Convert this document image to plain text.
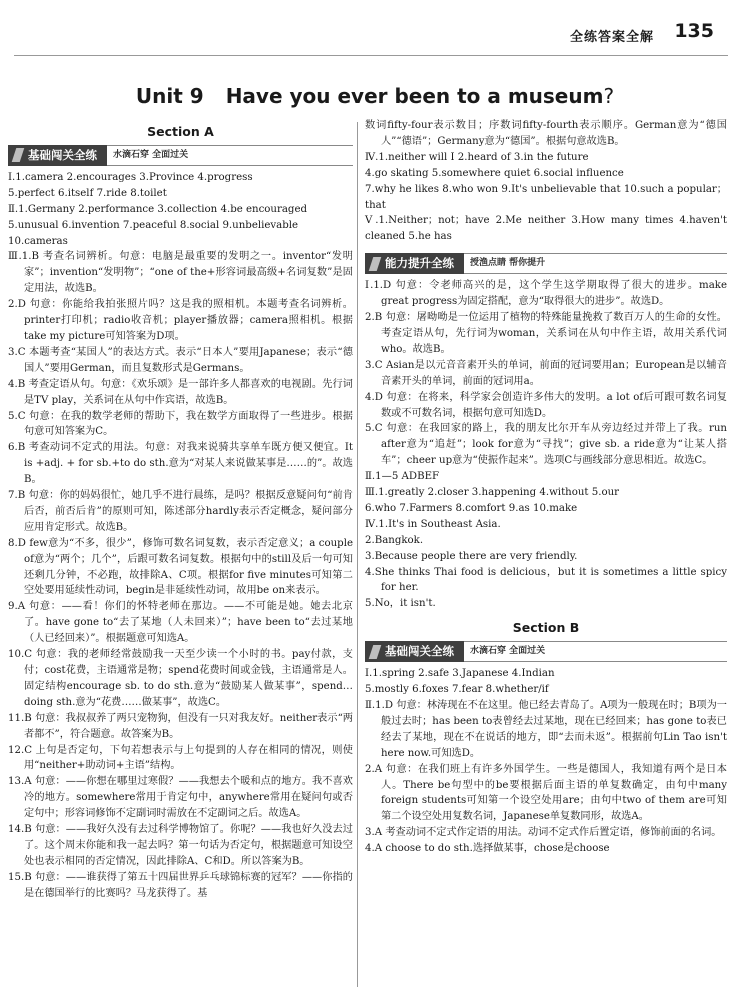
全练答案全解 135
Unit 9 Have you ever been to a museum?
Section A
基础闯关全练	水滴石穿 全面过关

Ⅰ.1.camera 2.encourages 3.Province 4.progress

5.perfect 6.itself 7.ride 8.toilet

Ⅱ.1.Germany 2.performance 3.collection 4.be encouraged

5.unusual 6.invention 7.peaceful 8.social 9.unbelievable

10.cameras

Ⅲ.1.B 考查名词辨析。句意：电脑是最重要的发明之一。inventor“发明家”；invention“发明物”；“one of the+形容词最高级+名词复数”是固定用法，故选B。

2.D 句意：你能给我拍张照片吗？这是我的照相机。本题考查名词辨析。printer打印机；radio收音机；player播放器；camera照相机。根据take my picture可知答案为D项。

3.C 本题考查“某国人”的表达方式。表示“日本人”要用Japanese；表示“德国人”要用German，而且复数形式是Germans。

4.B 考查定语从句。句意：《欢乐颂》是一部许多人都喜欢的电视剧。先行词是TV play，关系词在从句中作宾语，故选B。

5.C 句意：在我的数学老师的帮助下，我在数学方面取得了一些进步。根据句意可知答案为C。

6.B 考查动词不定式的用法。句意：对我来说骑共享单车既方便又便宜。It is +adj. + for sb.+to do sth.意为“对某人来说做某事是……的”。故选B。

7.B 句意：你的妈妈很忙，她几乎不进行晨练，是吗？根据反意疑问句“前肯后否，前否后肯”的原则可知，陈述部分hardly表示否定概念，疑问部分应用肯定形式。故选B。

8.D few意为“不多，很少”，修饰可数名词复数，表示否定意义；a couple of意为“两个；几个”，后跟可数名词复数。根据句中的still及后一句可知还剩几分钟，不必跑，故排除A、C项。根据for five minutes可知第二空处要用延续性动词，begin是非延续性动词，故用be on来表示。

9.A 句意：——看！你们的怀特老师在那边。——不可能是她。她去北京了。have gone to“去了某地（人未回来）”；have been to“去过某地（人已经回来）”。根据题意可知选A。

10.C 句意：我的老师经常鼓励我一天至少读一个小时的书。pay付款，支付；cost花费，主语通常是物；spend花费时间或金钱，主语通常是人。固定结构encourage sb. to do sth.意为“鼓励某人做某事”，spend…doing sth.意为“花费……做某事”，故选C。

11.B 句意：我叔叔养了两只宠物狗，但没有一只对我友好。neither表示“两者都不”，符合题意。故答案为B。

12.C 上句是否定句，下句若想表示与上句提到的人存在相同的情况，则使用“neither+助动词+主语”结构。

13.A 句意：——你想在哪里过寒假？——我想去个暖和点的地方。我不喜欢冷的地方。somewhere常用于肯定句中，anywhere常用在疑问句或否定句中；形容词修饰不定副词时需放在不定副词之后。故选A。

14.B 句意：——我好久没有去过科学博物馆了。你呢？——我也好久没去过了。这个周末你能和我一起去吗？第一句话为否定句，根据题意可知设空处也表示相同的否定情况，因此排除A、C和D。所以答案为B。

15.B 句意：——谁获得了第五十四届世界乒乓球锦标赛的冠军？——你指的是在德国举行的比赛吗？马龙获得了。基

数词fifty-four表示数目；序数词fifty-fourth表示顺序。German意为“德国人”“德语”；Germany意为“德国”。根据句意故选B。

Ⅳ.1.neither will I 2.heard of 3.in the future

4.go skating 5.somewhere quiet 6.social influence

7.why he likes 8.who won 9.It's unbelievable that 10.such a popular；that

Ⅴ.1.Neither；not；have 2.Me neither 3.How many times 4.haven't cleaned 5.he has

能力提升全练	授渔点睛 帮你提升

Ⅰ.1.D 句意：令老师高兴的是，这个学生这学期取得了很大的进步。make great progress为固定搭配，意为“取得很大的进步”。故选D。

2.B 句意：屠呦呦是一位运用了植物的特殊能量挽救了数百万人的生命的女性。考查定语从句，先行词为woman，关系词在从句中作主语，故用关系代词who。故选B。

3.C Asian是以元音音素开头的单词，前面的冠词要用an；European是以辅音音素开头的单词，前面的冠词用a。

4.D 句意：在将来，科学家会创造许多伟大的发明。a lot of后可跟可数名词复数或不可数名词，根据句意可知选D。

5.C 句意：在我回家的路上，我的朋友比尔开车从旁边经过并带上了我。run after意为“追赶”；look for意为“寻找”；give sb. a ride意为“让某人搭车”；cheer up意为“使振作起来”。选项C与画线部分意思相近。故选C。

Ⅱ.1—5 ADBEF

Ⅲ.1.greatly 2.closer 3.happening 4.without 5.our

6.who 7.Farmers 8.comfort 9.as 10.make

Ⅳ.1.It's in Southeast Asia.

2.Bangkok.

3.Because people there are very friendly.

4.She thinks Thai food is delicious，but it is sometimes a little spicy for her.

5.No，it isn't.

Section B
基础闯关全练	水滴石穿 全面过关

Ⅰ.1.spring 2.safe 3.Japanese 4.Indian

5.mostly 6.foxes 7.fear 8.whether/if

Ⅱ.1.D 句意：林涛现在不在这里。他已经去青岛了。A项为一般现在时；B项为一般过去时；has been to表曾经去过某地，现在已经回来；has gone to表已经去了某地，现在不在说话的地方，即“去而未返”。根据前句Lin Tao isn't here now.可知选D。

2.A 句意：在我们班上有许多外国学生。一些是德国人，我知道有两个是日本人。There be句型中的be要根据后面主语的单复数确定，由句中many foreign students可知第一个设空处用are；由句中two of them are可知第二个设空处用复数名词，Japanese单复数同形，故选A。

3.A 考查动词不定式作定语的用法。动词不定式作后置定语，修饰前面的名词。

4.A choose to do sth.选择做某事，chose是choose
